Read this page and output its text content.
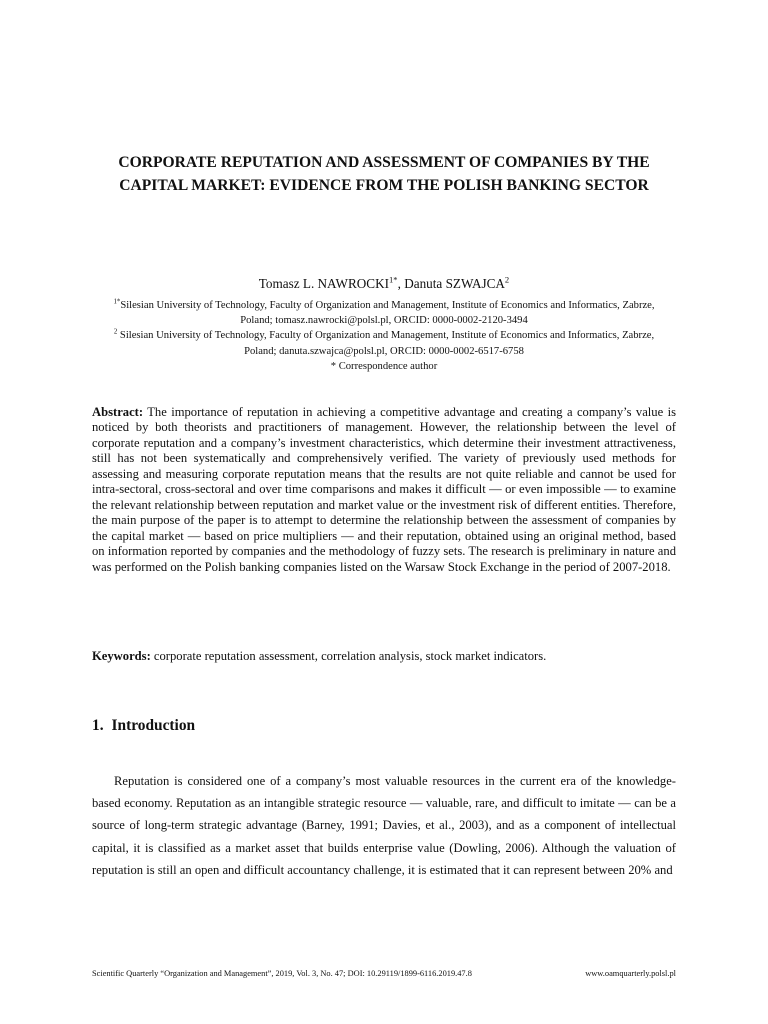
CORPORATE REPUTATION AND ASSESSMENT OF COMPANIES BY THE CAPITAL MARKET: EVIDENCE FROM THE POLISH BANKING SECTOR
Tomasz L. $NAWROCKI^{1*}$, Danuta SZWAJCA$^2$

$^{1*}$Silesian University of Technology, Faculty of Organization and Management, Institute of Economics and Informatics, Zabrze, Poland; tomasz.nawrocki@polsl.pl, ORCID: 0000-0002-2120-3494

$^2$ Silesian University of Technology, Faculty of Organization and Management, Institute of Economics and Informatics, Zabrze, Poland; danuta.szwajca@polsl.pl, ORCID: 0000-0002-6517-6758

* Correspondence author

Abstract: The importance of reputation in achieving a competitive advantage and creating a company’s value is noticed by both theorists and practitioners of management. However, the relationship between the level of corporate reputation and a company’s investment characteristics, which determine their investment attractiveness, still has not been systematically and comprehensively verified. The variety of previously used methods for assessing and measuring corporate reputation means that the results are not quite reliable and cannot be used for intra-sectoral, cross-sectoral and over time comparisons and makes it difficult — or even impossible — to examine the relevant relationship between reputation and market value or the investment risk of different entities. Therefore, the main purpose of the paper is to attempt to determine the relationship between the assessment of companies by the capital market — based on price multipliers — and their reputation, obtained using an original method, based on information reported by companies and the methodology of fuzzy sets. The research is preliminary in nature and was performed on the Polish banking companies listed on the Warsaw Stock Exchange in the period of 2007-2018.

Keywords: corporate reputation assessment, correlation analysis, stock market indicators.

1. Introduction

Reputation is considered one of a company’s most valuable resources in the current era of the knowledge-based economy. Reputation as an intangible strategic resource — valuable, rare, and difficult to imitate — can be a source of long-term strategic advantage (Barney, 1991; Davies, et al., 2003), and as a component of intellectual capital, it is classified as a market asset that builds enterprise value (Dowling, 2006). Although the valuation of reputation is still an open and difficult accountancy challenge, it is estimated that it can represent between 20% and

Scientific Quarterly “Organization and Management”, 2019, Vol. 3, No. 47; DOI: 10.29119/1899-6116.2019.47.8	www.oamquarterly.polsl.pl
